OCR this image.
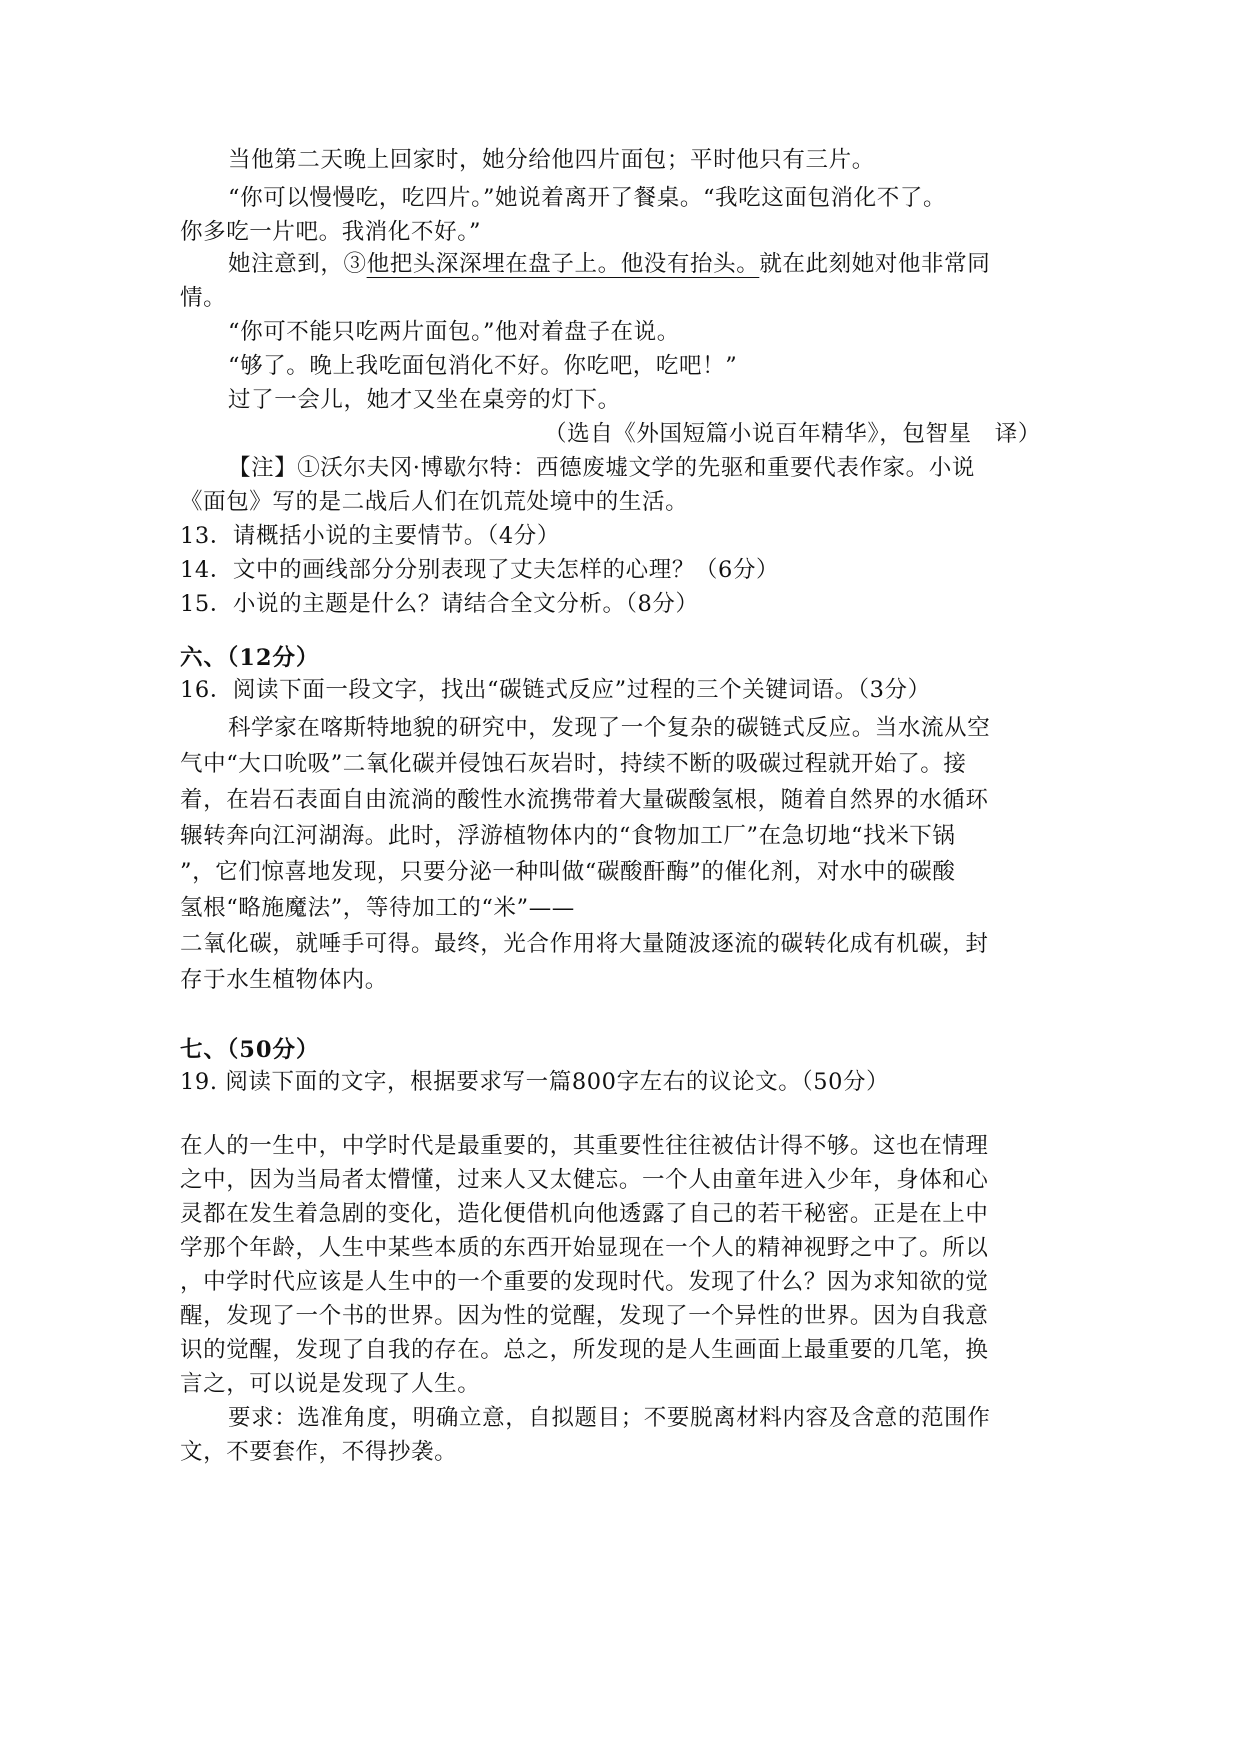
当他第二天晚上回家时，她分给他四片面包；平时他只有三片。
“你可以慢慢吃，吃四片。”她说着离开了餐桌。“我吃这面包消化不了。
你多吃一片吧。我消化不好。”
她注意到，③他把头深深埋在盘子上。他没有抬头。就在此刻她对他非常同
情。
“你可不能只吃两片面包。”他对着盘子在说。
“够了。晚上我吃面包消化不好。你吃吧，吃吧！”
过了一会儿，她才又坐在桌旁的灯下。
（选自《外国短篇小说百年精华》，包智星　译）
【注】①沃尔夫冈·博歇尔特：西德废墟文学的先驱和重要代表作家。小说
《面包》写的是二战后人们在饥荒处境中的生活。
13．请概括小说的主要情节。（4分）
14．文中的画线部分分别表现了丈夫怎样的心理？（6分）
15．小说的主题是什么？请结合全文分析。（8分）
六、（12分）
16．阅读下面一段文字，找出“碳链式反应”过程的三个关键词语。（3分）
科学家在喀斯特地貌的研究中，发现了一个复杂的碳链式反应。当水流从空
气中“大口吮吸”二氧化碳并侵蚀石灰岩时，持续不断的吸碳过程就开始了。接
着，在岩石表面自由流淌的酸性水流携带着大量碳酸氢根，随着自然界的水循环
辗转奔向江河湖海。此时，浮游植物体内的“食物加工厂”在急切地“找米下锅
”，它们惊喜地发现，只要分泌一种叫做“碳酸酐酶”的催化剂，对水中的碳酸
氢根“略施魔法”，等待加工的“米”——
二氧化碳，就唾手可得。最终，光合作用将大量随波逐流的碳转化成有机碳，封
存于水生植物体内。
七、（50分）
19. 阅读下面的文字，根据要求写一篇800字左右的议论文。（50分）
在人的一生中，中学时代是最重要的，其重要性往往被估计得不够。这也在情理
之中，因为当局者太懵懂，过来人又太健忘。一个人由童年进入少年，身体和心
灵都在发生着急剧的变化，造化便借机向他透露了自己的若干秘密。正是在上中
学那个年龄，人生中某些本质的东西开始显现在一个人的精神视野之中了。所以
，中学时代应该是人生中的一个重要的发现时代。发现了什么？因为求知欲的觉
醒，发现了一个书的世界。因为性的觉醒，发现了一个异性的世界。因为自我意
识的觉醒，发现了自我的存在。总之，所发现的是人生画面上最重要的几笔，换
言之，可以说是发现了人生。
要求：选准角度，明确立意，自拟题目；不要脱离材料内容及含意的范围作
文，不要套作，不得抄袭。
